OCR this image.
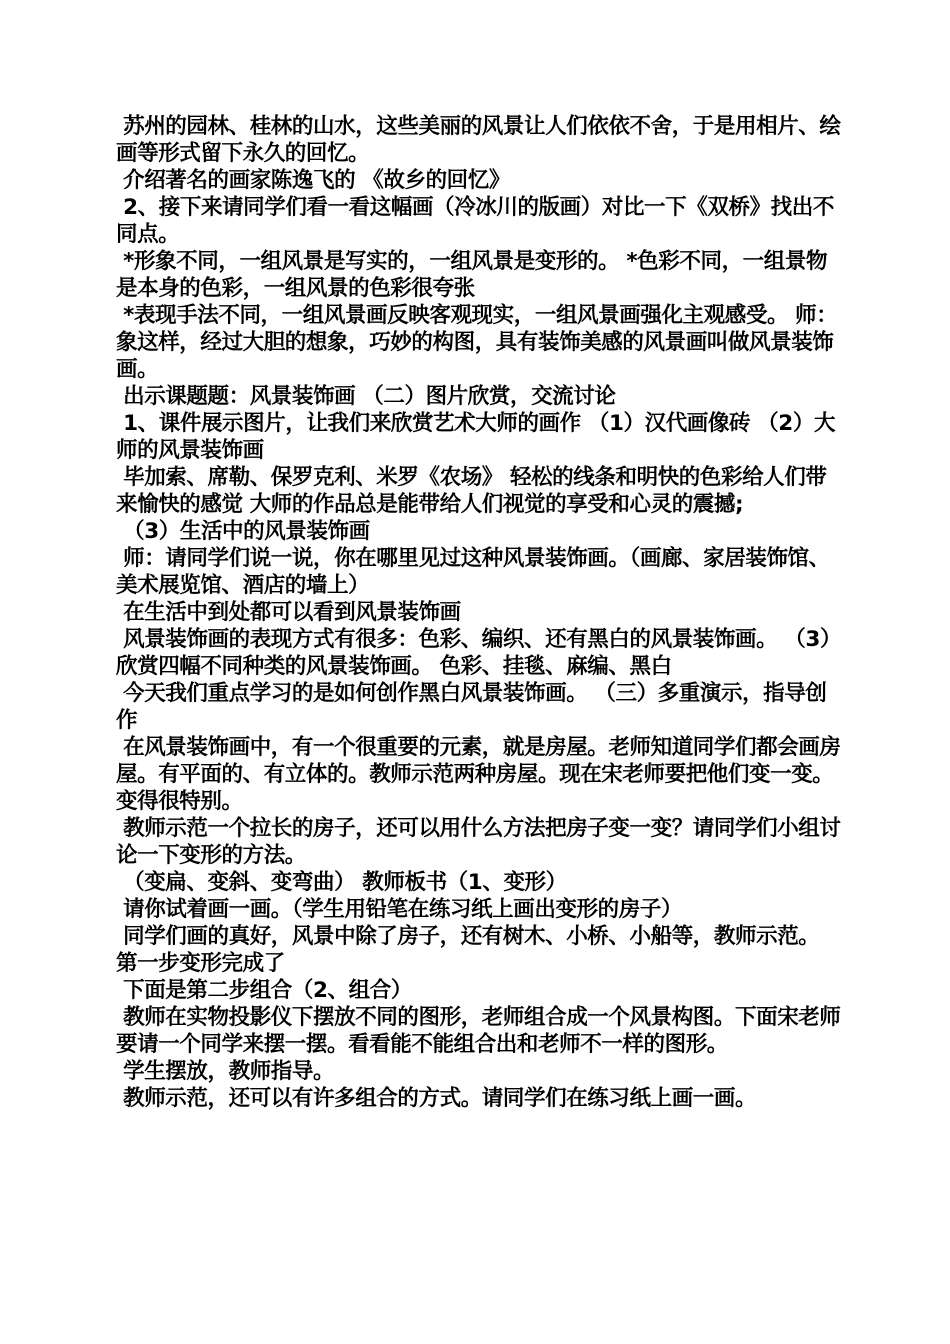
苏州的园林、桂林的山水，这些美丽的风景让人们依依不舍，于是用相片、绘画等形式留下永久的回忆。

介绍著名的画家陈逸飞的 《故乡的回忆》

2、接下来请同学们看一看这幅画（冷冰川的版画）对比一下《双桥》找出不同点。

*形象不同，一组风景是写实的，一组风景是变形的。 *色彩不同，一组景物是本身的色彩，一组风景的色彩很夸张

*表现手法不同，一组风景画反映客观现实，一组风景画强化主观感受。 师：象这样，经过大胆的想象，巧妙的构图，具有装饰美感的风景画叫做风景装饰画。

出示课题题：风景装饰画 （二）图片欣赏，交流讨论

1、课件展示图片，让我们来欣赏艺术大师的画作 （1）汉代画像砖 （2）大师的风景装饰画

毕加索、席勒、保罗克利、米罗《农场》 轻松的线条和明快的色彩给人们带来愉快的感觉 大师的作品总是能带给人们视觉的享受和心灵的震撼;

（3）生活中的风景装饰画

师：请同学们说一说，你在哪里见过这种风景装饰画。（画廊、家居装饰馆、美术展览馆、酒店的墙上）

在生活中到处都可以看到风景装饰画

风景装饰画的表现方式有很多：色彩、编织、还有黑白的风景装饰画。 （3）欣赏四幅不同种类的风景装饰画。 色彩、挂毯、麻编、黑白

今天我们重点学习的是如何创作黑白风景装饰画。 （三）多重演示，指导创作

在风景装饰画中，有一个很重要的元素，就是房屋。老师知道同学们都会画房屋。有平面的、有立体的。教师示范两种房屋。现在宋老师要把他们变一变。变得很特别。

教师示范一个拉长的房子，还可以用什么方法把房子变一变？请同学们小组讨论一下变形的方法。

（变扁、变斜、变弯曲） 教师板书（1、变形）

请你试着画一画。（学生用铅笔在练习纸上画出变形的房子）

同学们画的真好，风景中除了房子，还有树木、小桥、小船等，教师示范。 第一步变形完成了

下面是第二步组合（2、组合）

教师在实物投影仪下摆放不同的图形，老师组合成一个风景构图。下面宋老师要请一个同学来摆一摆。看看能不能组合出和老师不一样的图形。

学生摆放，教师指导。

教师示范，还可以有许多组合的方式。请同学们在练习纸上画一画。
